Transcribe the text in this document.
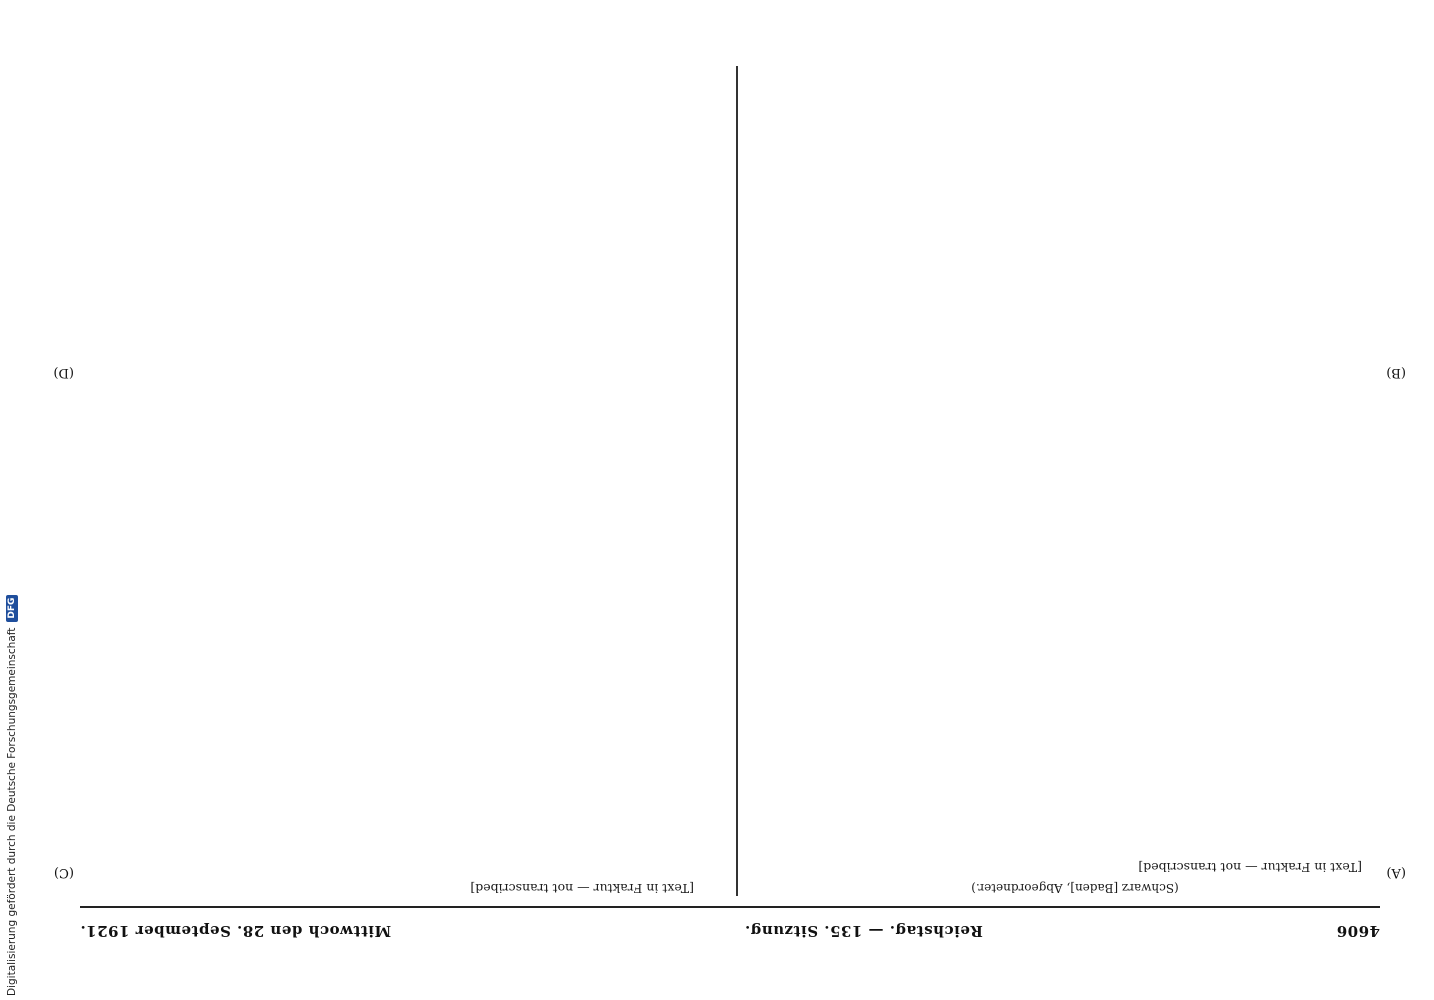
4606
Reichstag. — 135. Sitzung.
Mittwoch den 28. September 1921.

(Schwarz [Baden], Abgeordneter.)

[Text in Fraktur — not transcribed]

[Text in Fraktur — not transcribed]

(A)
(B)
(C)
(D)
Digitalisierung gefördert durch die Deutsche Forschungsgemeinschaft
DFG
